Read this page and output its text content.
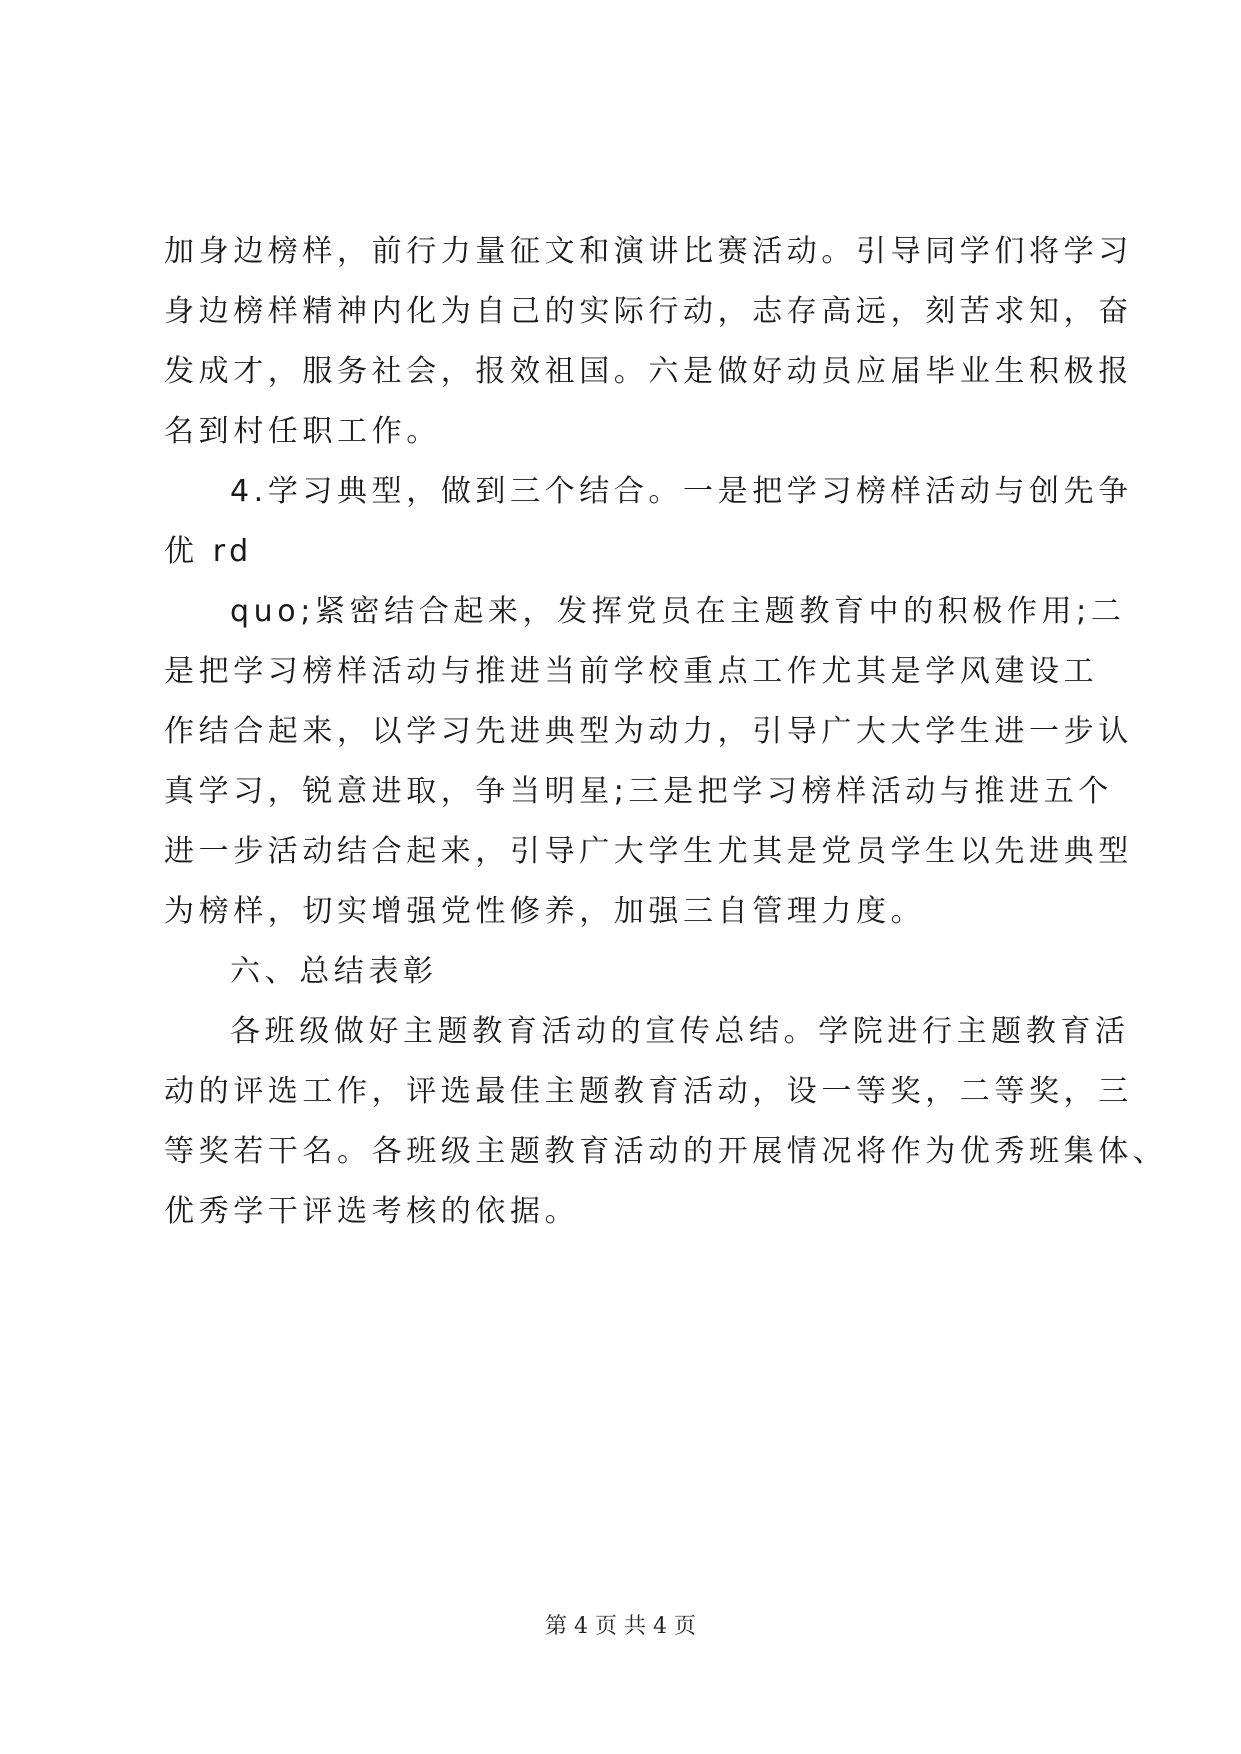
加身边榜样，前行力量征文和演讲比赛活动。引导同学们将学习
身边榜样精神内化为自己的实际行动，志存高远，刻苦求知，奋
发成才，服务社会，报效祖国。六是做好动员应届毕业生积极报
名到村任职工作。
4.学习典型，做到三个结合。一是把学习榜样活动与创先争
优 rd
quo;紧密结合起来，发挥党员在主题教育中的积极作用;二
是把学习榜样活动与推进当前学校重点工作尤其是学风建设工
作结合起来，以学习先进典型为动力，引导广大大学生进一步认
真学习，锐意进取，争当明星;三是把学习榜样活动与推进五个
进一步活动结合起来，引导广大学生尤其是党员学生以先进典型
为榜样，切实增强党性修养，加强三自管理力度。
六、总结表彰
各班级做好主题教育活动的宣传总结。学院进行主题教育活
动的评选工作，评选最佳主题教育活动，设一等奖，二等奖，三
等奖若干名。各班级主题教育活动的开展情况将作为优秀班集体、
优秀学干评选考核的依据。
第 4 页 共 4 页
